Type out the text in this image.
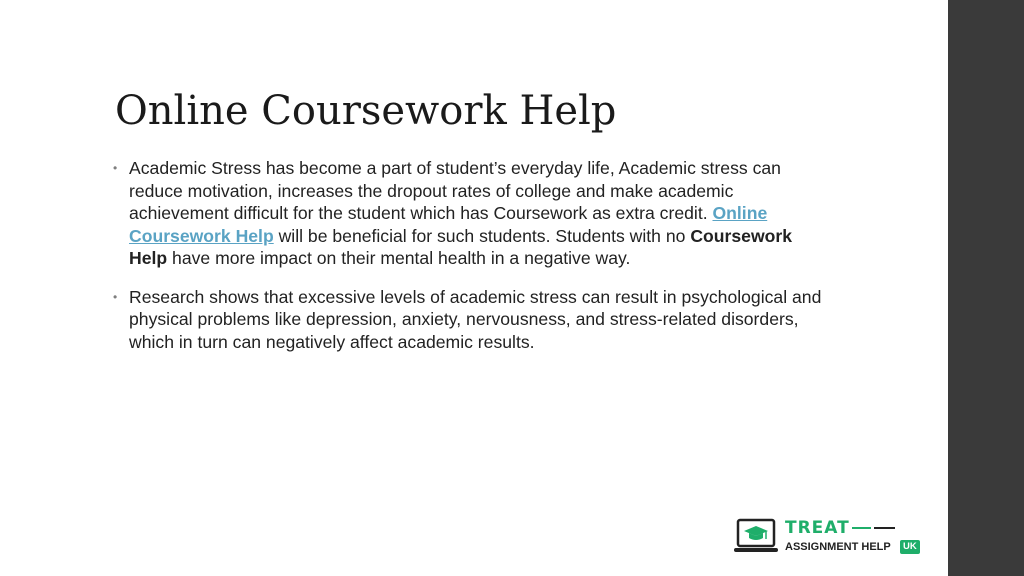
Online Coursework Help
• Academic Stress has become a part of student’s everyday life, Academic stress can reduce motivation, increases the dropout rates of college and make academic achievement difficult for the student which has Coursework as extra credit. Online Coursework Help will be beneficial for such students. Students with no Coursework Help have more impact on their mental health in a negative way.
• Research shows that excessive levels of academic stress can result in psychological and physical problems like depression, anxiety, nervousness, and stress-related disorders, which in turn can negatively affect academic results.
TREAT
ASSIGNMENT HELP	UK
